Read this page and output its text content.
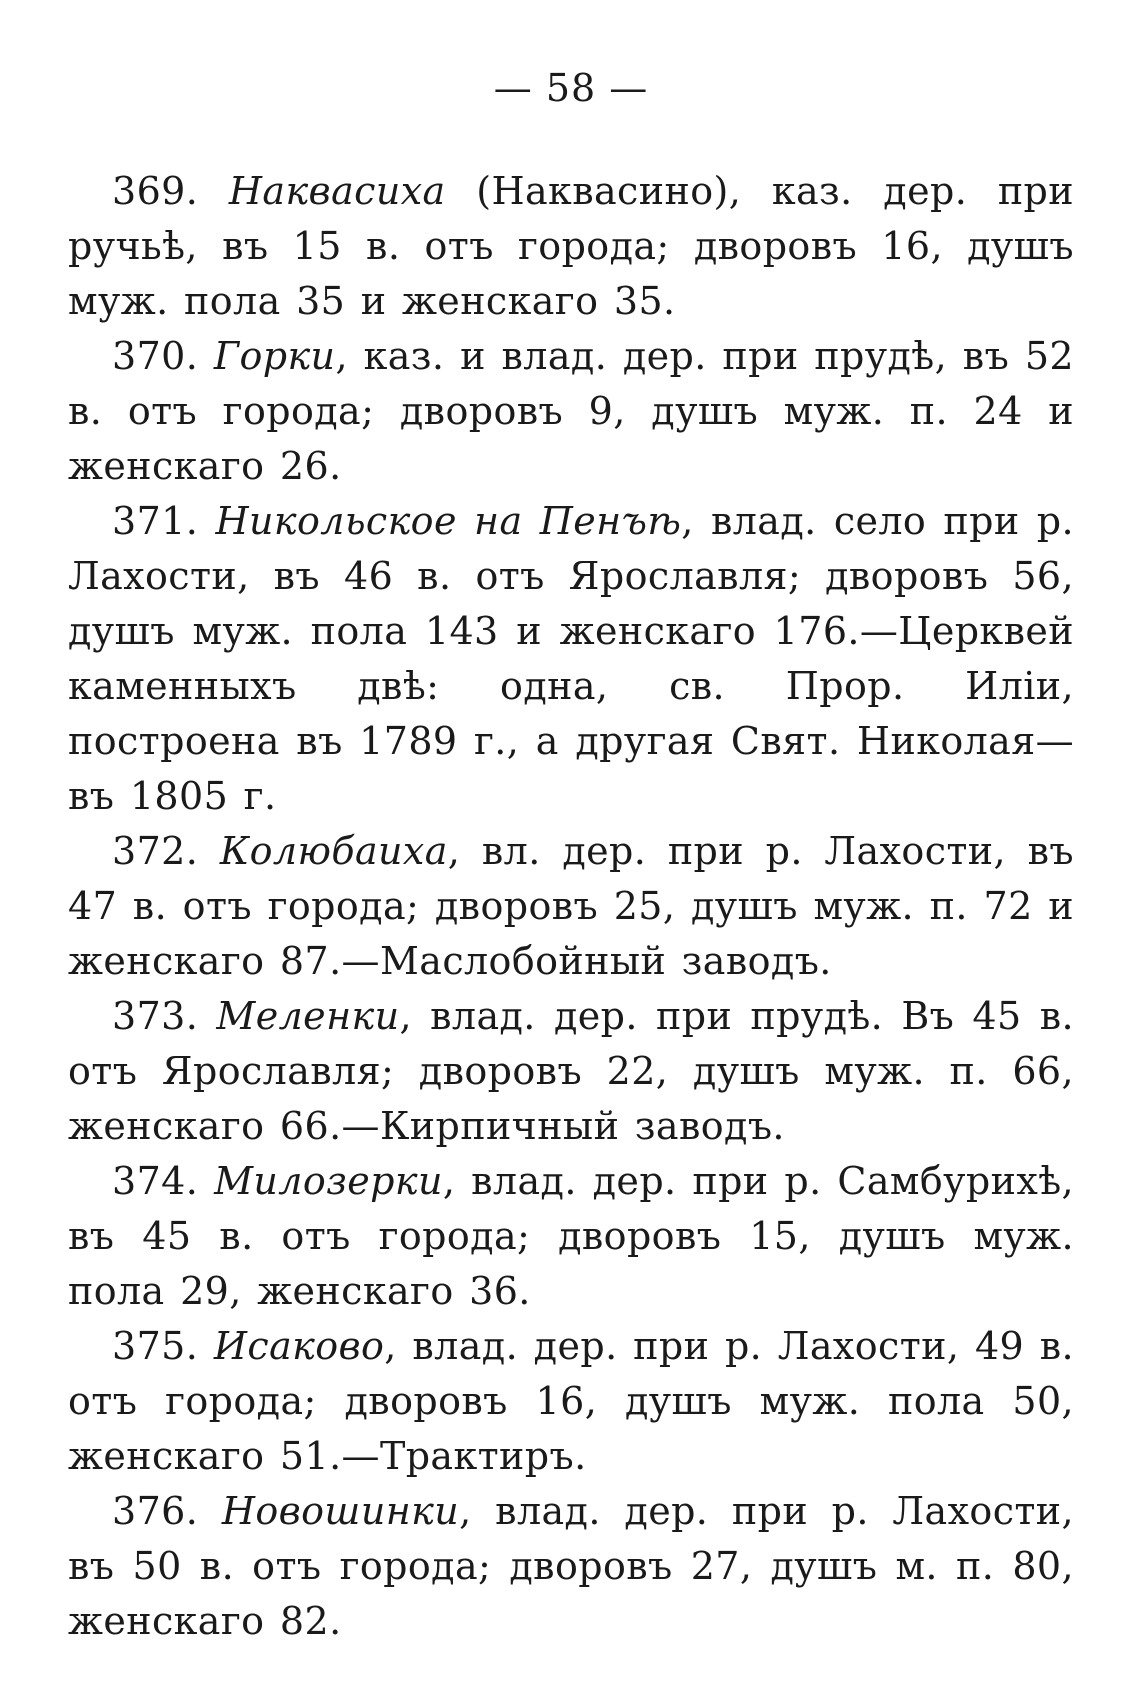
— 58 —

369. Наквасиха (Наквасино), каз. дер. при ручьѣ, въ 15 в. отъ города; дворовъ 16, душъ муж. пола 35 и женскаго 35.

370. Горки, каз. и влад. дер. при прудѣ, въ 52 в. отъ города; дворовъ 9, душъ муж. п. 24 и женскаго 26.

371. Никольское на Пенъѣ, влад. село при р. Лахости, въ 46 в. отъ Ярославля; дворовъ 56, душъ муж. пола 143 и женскаго 176.—Церквей каменныхъ двѣ: одна, св. Прор. Иліи, построена въ 1789 г., а другая Свят. Николая—въ 1805 г.

372. Колюбаиха, вл. дер. при р. Лахости, въ 47 в. отъ города; дворовъ 25, душъ муж. п. 72 и женскаго 87.—Маслобойный заводъ.

373. Меленки, влад. дер. при прудѣ. Въ 45 в. отъ Ярославля; дворовъ 22, душъ муж. п. 66, женскаго 66.—Кирпичный заводъ.

374. Милозерки, влад. дер. при р. Самбурихѣ, въ 45 в. отъ города; дворовъ 15, душъ муж. пола 29, женскаго 36.

375. Исаково, влад. дер. при р. Лахости, 49 в. отъ города; дворовъ 16, душъ муж. пола 50, женскаго 51.—Трактиръ.

376. Новошинки, влад. дер. при р. Лахости, въ 50 в. отъ города; дворовъ 27, душъ м. п. 80, женскаго 82.
